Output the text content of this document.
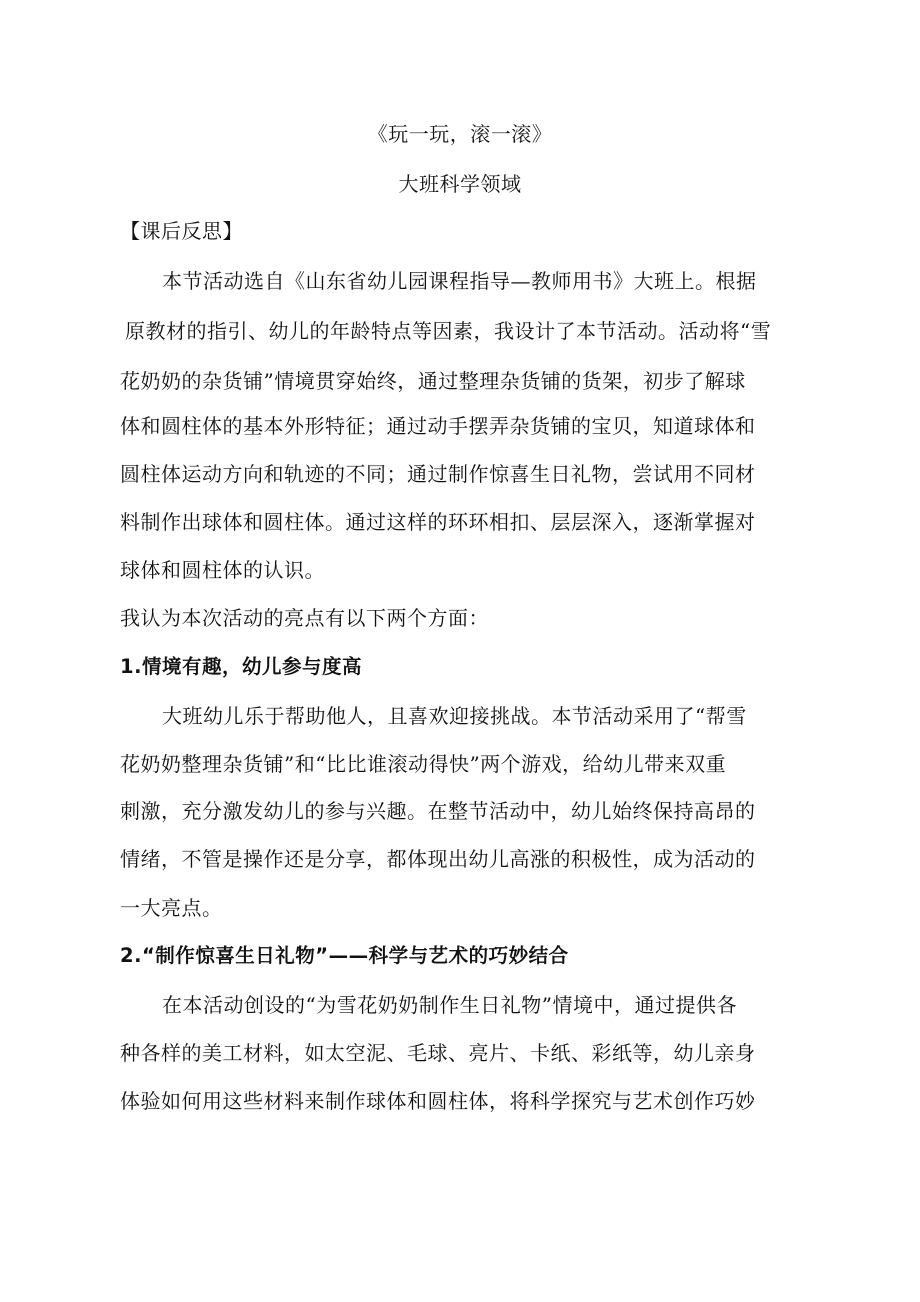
《玩一玩，滚一滚》
大班科学领域
【课后反思】
本节活动选自《山东省幼儿园课程指导—教师用书》大班上。根据
原教材的指引、幼儿的年龄特点等因素，我设计了本节活动。活动将“雪
花奶奶的杂货铺”情境贯穿始终，通过整理杂货铺的货架，初步了解球
体和圆柱体的基本外形特征；通过动手摆弄杂货铺的宝贝，知道球体和
圆柱体运动方向和轨迹的不同；通过制作惊喜生日礼物，尝试用不同材
料制作出球体和圆柱体。通过这样的环环相扣、层层深入，逐渐掌握对
球体和圆柱体的认识。
我认为本次活动的亮点有以下两个方面：
1.情境有趣，幼儿参与度高
大班幼儿乐于帮助他人，且喜欢迎接挑战。本节活动采用了“帮雪
花奶奶整理杂货铺”和“比比谁滚动得快”两个游戏，给幼儿带来双重
刺激，充分激发幼儿的参与兴趣。在整节活动中，幼儿始终保持高昂的
情绪，不管是操作还是分享，都体现出幼儿高涨的积极性，成为活动的
一大亮点。
2.“制作惊喜生日礼物”——科学与艺术的巧妙结合
在本活动创设的“为雪花奶奶制作生日礼物”情境中，通过提供各
种各样的美工材料，如太空泥、毛球、亮片、卡纸、彩纸等，幼儿亲身
体验如何用这些材料来制作球体和圆柱体，将科学探究与艺术创作巧妙
